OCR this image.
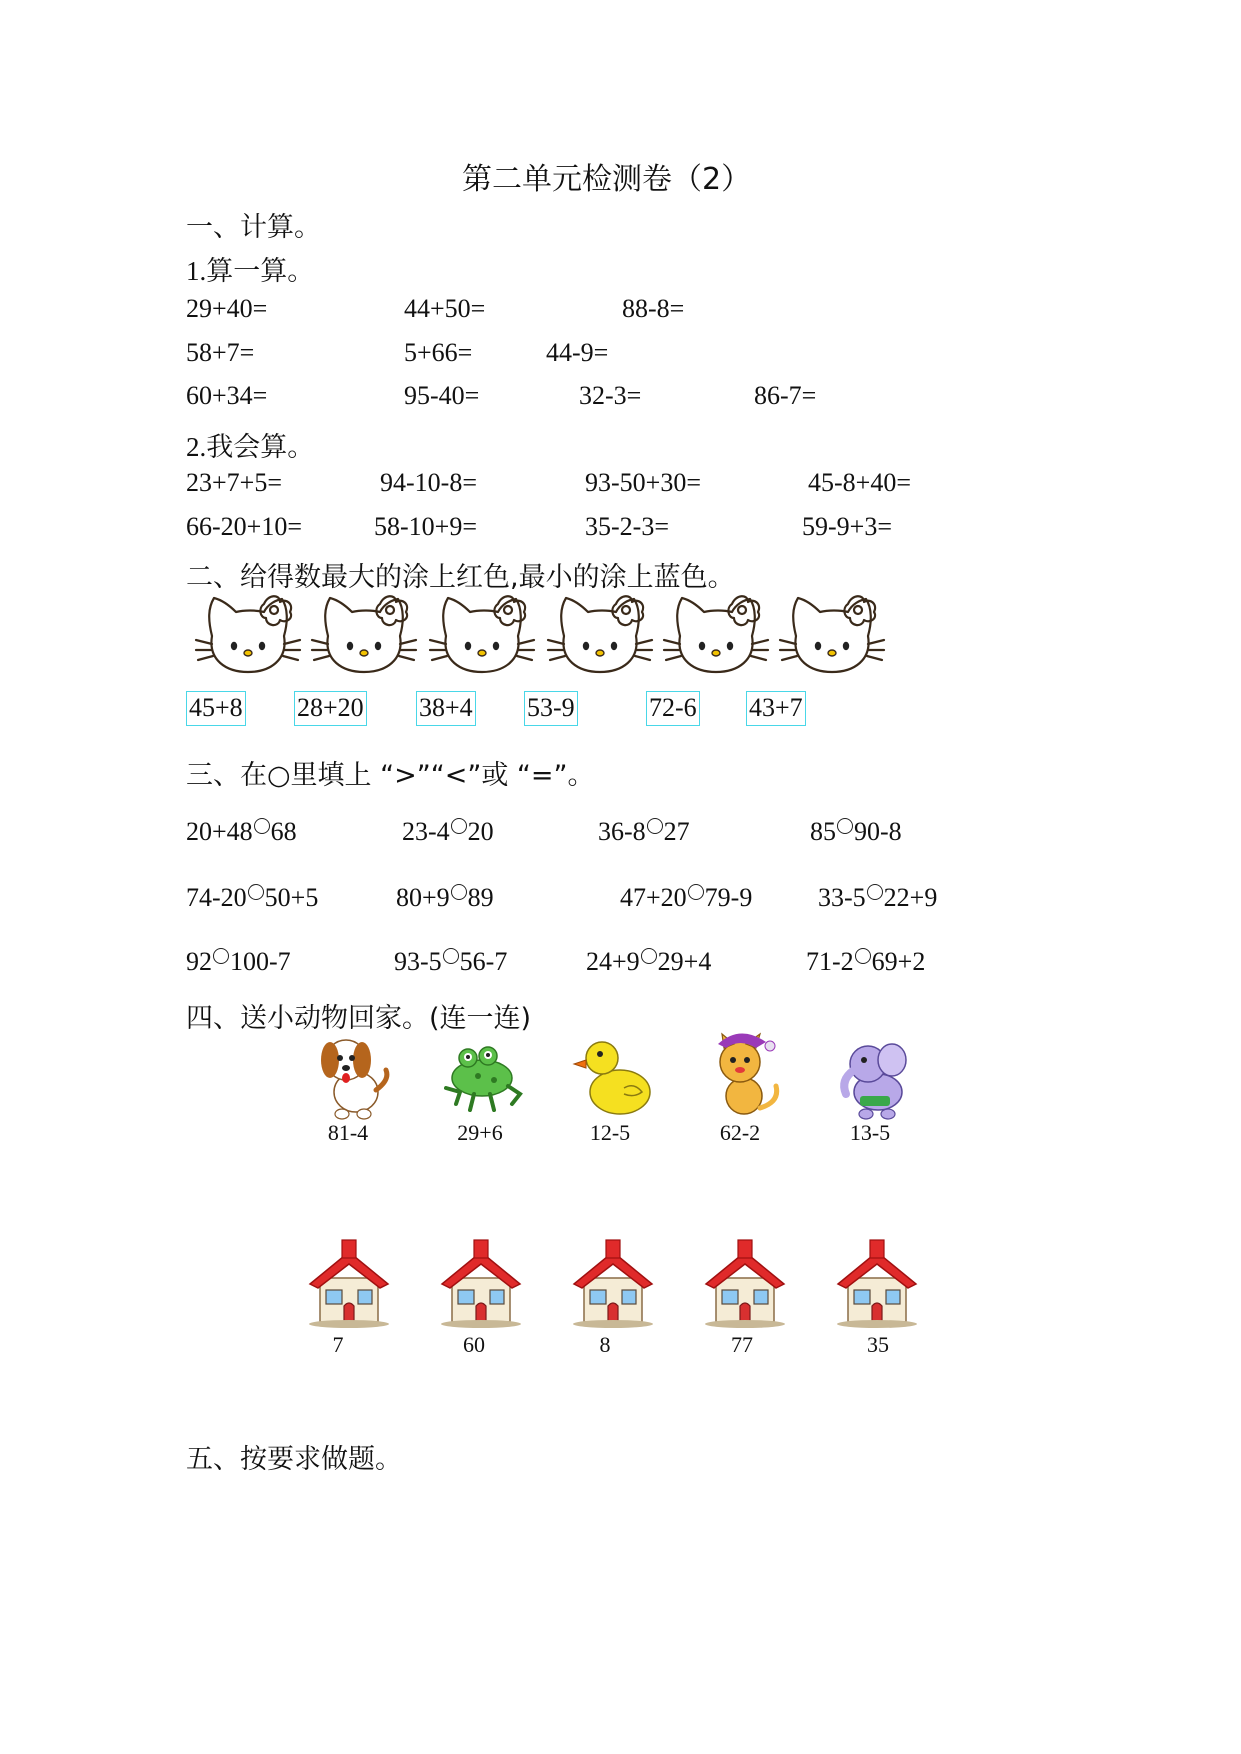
第二单元检测卷（2）
一、计算。
1.算一算。
29+40=	44+50=	88-8=
58+7=	5+66=	44-9=
60+34=	95-40=	32-3=	86-7=
2.我会算。
23+7+5=	94-10-8=	93-50+30=	45-8+40=
66-20+10=	58-10+9=	35-2-3=	59-9+3=
二、给得数最大的涂上红色,最小的涂上蓝色。
45+8 28+20 38+4 53-9	72-6 43+7
三、在○里填上 “>”“<”或 “=”。
20+48 68	23-4 20	36-8 27	85 90-8
74-20 50+5	80+9 89	47+20 79-9	33-5 22+9
92 100-7	93-5 56-7	24+9 29+4	71-2 69+2
四、送小动物回家。(连一连)
81-4	29+6	12-5	62-2	13-5
7	60	8	77	35
五、按要求做题。
